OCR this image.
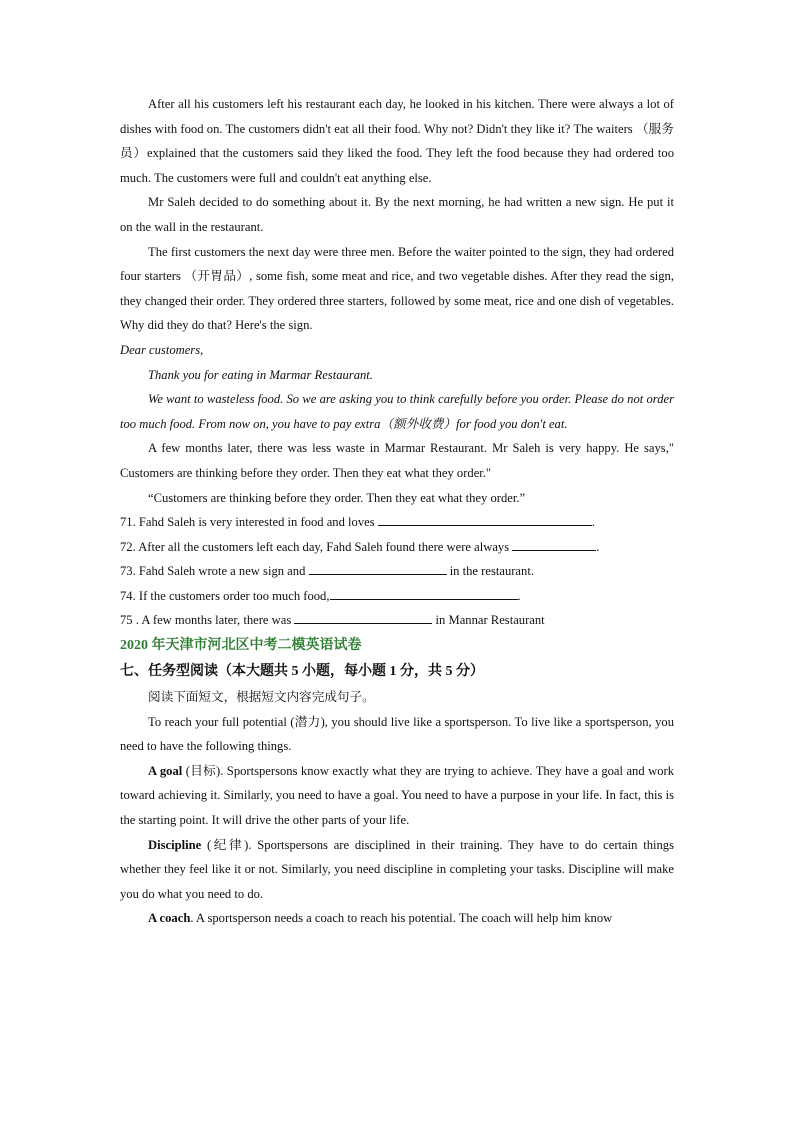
After all his customers left his restaurant each day, he looked in his kitchen. There were always a lot of dishes with food on. The customers didn't eat all their food. Why not? Didn't they like it? The waiters （服务员）explained that the customers said they liked the food. They left the food because they had ordered too much. The customers were full and couldn't eat anything else.

Mr Saleh decided to do something about it. By the next morning, he had written a new sign. He put it on the wall in the restaurant.

The first customers the next day were three men. Before the waiter pointed to the sign, they had ordered four starters （开胃品）, some fish, some meat and rice, and two vegetable dishes. After they read the sign, they changed their order. They ordered three starters, followed by some meat, rice and one dish of vegetables. Why did they do that? Here's the sign.

Dear customers,

Thank you for eating in Marmar Restaurant.

We want to wasteless food. So we are asking you to think carefully before you order. Please do not order too much food. From now on, you have to pay extra（额外收费）for food you don't eat.

A few months later, there was less waste in Marmar Restaurant. Mr Saleh is very happy. He says," Customers are thinking before they order. Then they eat what they order."

“Customers are thinking before they order. Then they eat what they order.”

71. Fahd Saleh is very interested in food and loves	.

72. After all the customers left each day, Fahd Saleh found there were always	.

73. Fahd Saleh wrote a new sign and	in the restaurant.

74. If the customers order too much food,	.

75 . A few months later, there was	in Mannar Restaurant

2020 年天津市河北区中考二模英语试卷

七、任务型阅读（本大题共 5 小题，每小题 1 分，共 5 分）

阅读下面短文，根据短文内容完成句子。

To reach your full potential (潜力), you should live like a sportsperson. To live like a sportsperson, you need to have the following things.

A goal (目标). Sportspersons know exactly what they are trying to achieve. They have a goal and work toward achieving it. Similarly, you need to have a goal. You need to have a purpose in your life. In fact, this is the starting point. It will drive the other parts of your life.

Discipline (纪律). Sportspersons are disciplined in their training. They have to do certain things whether they feel like it or not. Similarly, you need discipline in completing your tasks. Discipline will make you do what you need to do.

A coach. A sportsperson needs a coach to reach his potential. The coach will help him know
